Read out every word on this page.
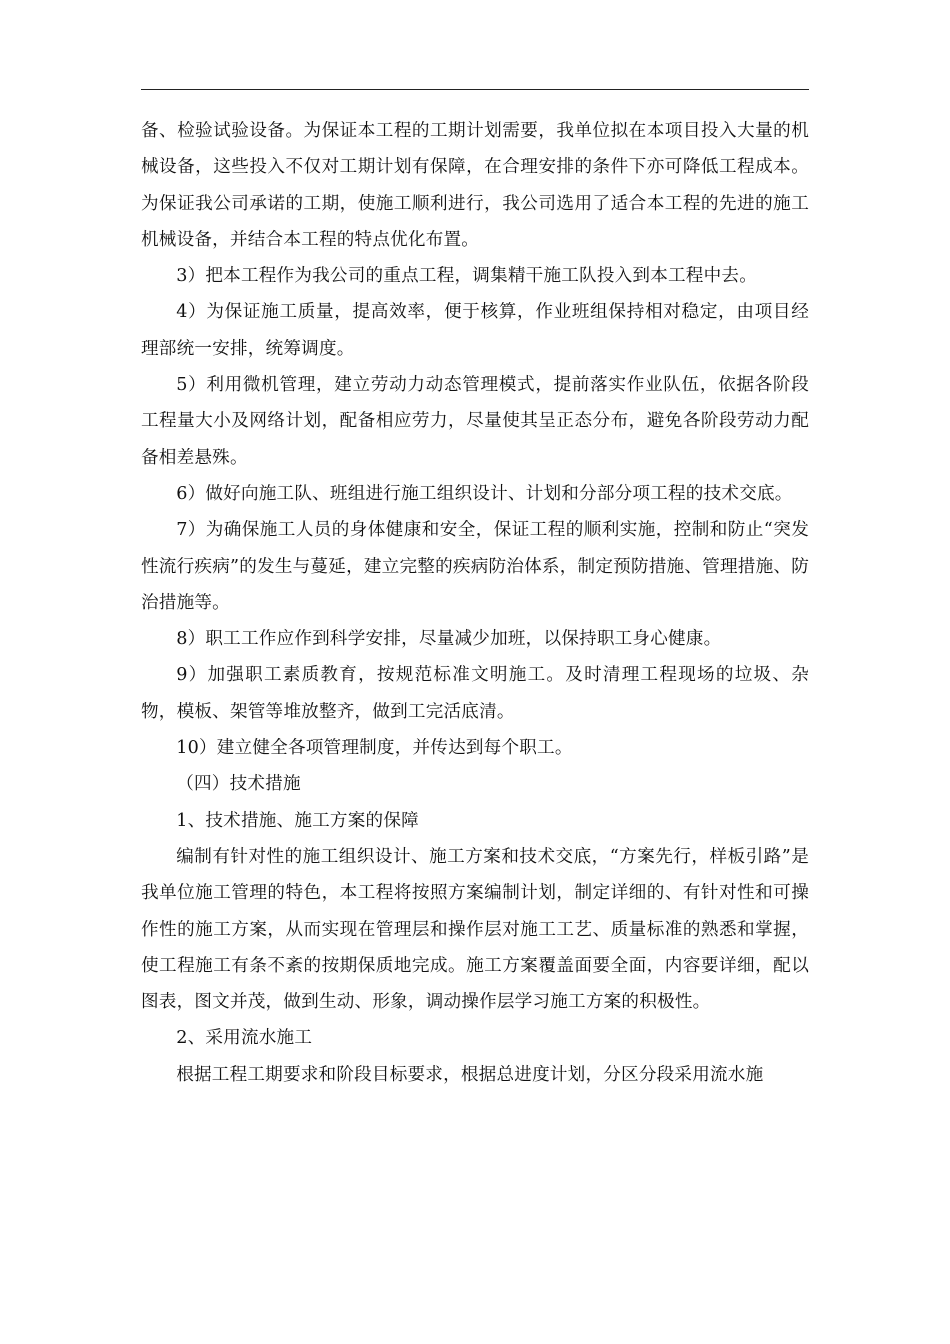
备、检验试验设备。为保证本工程的工期计划需要，我单位拟在本项目投入大量的机械设备，这些投入不仅对工期计划有保障，在合理安排的条件下亦可降低工程成本。为保证我公司承诺的工期，使施工顺利进行，我公司选用了适合本工程的先进的施工机械设备，并结合本工程的特点优化布置。

3）把本工程作为我公司的重点工程，调集精干施工队投入到本工程中去。

4）为保证施工质量，提高效率，便于核算，作业班组保持相对稳定，由项目经理部统一安排，统筹调度。

5）利用微机管理，建立劳动力动态管理模式，提前落实作业队伍，依据各阶段工程量大小及网络计划，配备相应劳力，尽量使其呈正态分布，避免各阶段劳动力配备相差悬殊。

6）做好向施工队、班组进行施工组织设计、计划和分部分项工程的技术交底。

7）为确保施工人员的身体健康和安全，保证工程的顺利实施，控制和防止“突发性流行疾病”的发生与蔓延，建立完整的疾病防治体系，制定预防措施、管理措施、防治措施等。

8）职工工作应作到科学安排，尽量减少加班，以保持职工身心健康。

9）加强职工素质教育，按规范标准文明施工。及时清理工程现场的垃圾、杂物，模板、架管等堆放整齐，做到工完活底清。

10）建立健全各项管理制度，并传达到每个职工。

（四）技术措施

1、技术措施、施工方案的保障

编制有针对性的施工组织设计、施工方案和技术交底，“方案先行，样板引路”是我单位施工管理的特色，本工程将按照方案编制计划，制定详细的、有针对性和可操作性的施工方案，从而实现在管理层和操作层对施工工艺、质量标准的熟悉和掌握，使工程施工有条不紊的按期保质地完成。施工方案覆盖面要全面，内容要详细，配以图表，图文并茂，做到生动、形象，调动操作层学习施工方案的积极性。

2、采用流水施工

根据工程工期要求和阶段目标要求，根据总进度计划，分区分段采用流水施
